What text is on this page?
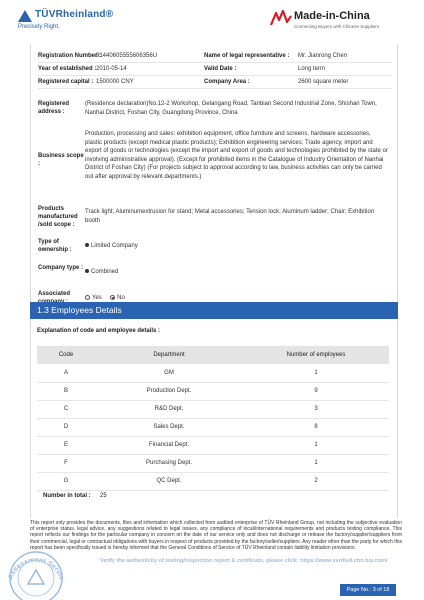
TÜVRheinland®
Precisely Right.
Made-in-China
Connecting Buyers with Chinese Suppliers
Registration Number :
91440605555606356U	Name of legal representative : Mr. Jianrong Chen
Year of established : 2010-05-14	Valid Date :	Long term
Registered capital : 1500000 CNY	Company Area :	2600 square meter
Registered address :
(Residence declaration)No.12-2 Workshop, Gelangang Road, Tanbian Second Industrial Zone, Shishan Town, Nanhai District, Foshan City, Guangdong Province, China
Business scope :
Production, processing and sales: exhibition equipment, office furniture and screens, hardware accessories, plastic products (except medical plastic products); Exhibition engineering services; Trade agency, import and export of goods or technologies (except the import and export of goods and technologies prohibited by the state or involving administrative approval). (Except for prohibited items in the Catalogue of Industry Orientation of Nanhai District of Foshan City) (For projects subject to approval according to law, business activities can only be carried out after approval by relevant departments.)
Products manufactured /sold scope :
Track light; Aluminumextrusion for stand; Metal accessories; Tension lock; Aluminum ladder; Chair; Exhibition booth
Type of ownership :
Limited Company
Company type :
Combined
Associated
Yes	No
1.3 Employees Details
Explanation of code and employee details :
Code	Department	Number of employees
A	GM	1
B	Production Dept.	9
C	R&D Dept.	3
D	Sales Dept.	8
E	Financial Dept.	1
F	Purchasing Dept.	1
G	QC Dept.	2
Number in total : 25
Assessment Servic
This report only provides the documents, files and information which collected from audited enterprise of TÜV Rheinland Group, not including the subjective evaluation of enterprise status, legal advice, any suggestions related to legal issues, any compliance of local/international requirements and products testing compliance. This report reflects our findings for the particular company in concern on the date of our service only and does not discharge or release the factory/supplier/suppliers from their commercial, legal or contractual obligations with buyers in respect of products provided by the factory/seller/suppliers. Any reader other than the party for which this report has been specifically issued is hereby informed that the General Conditions of Service of TÜV Rheinland contain liability limitation provisions.
Verify the authenticity of testing/inspection report & certificate, please click: https://www.verified.chn.tuv.com/
Page No.: 3 of 18
